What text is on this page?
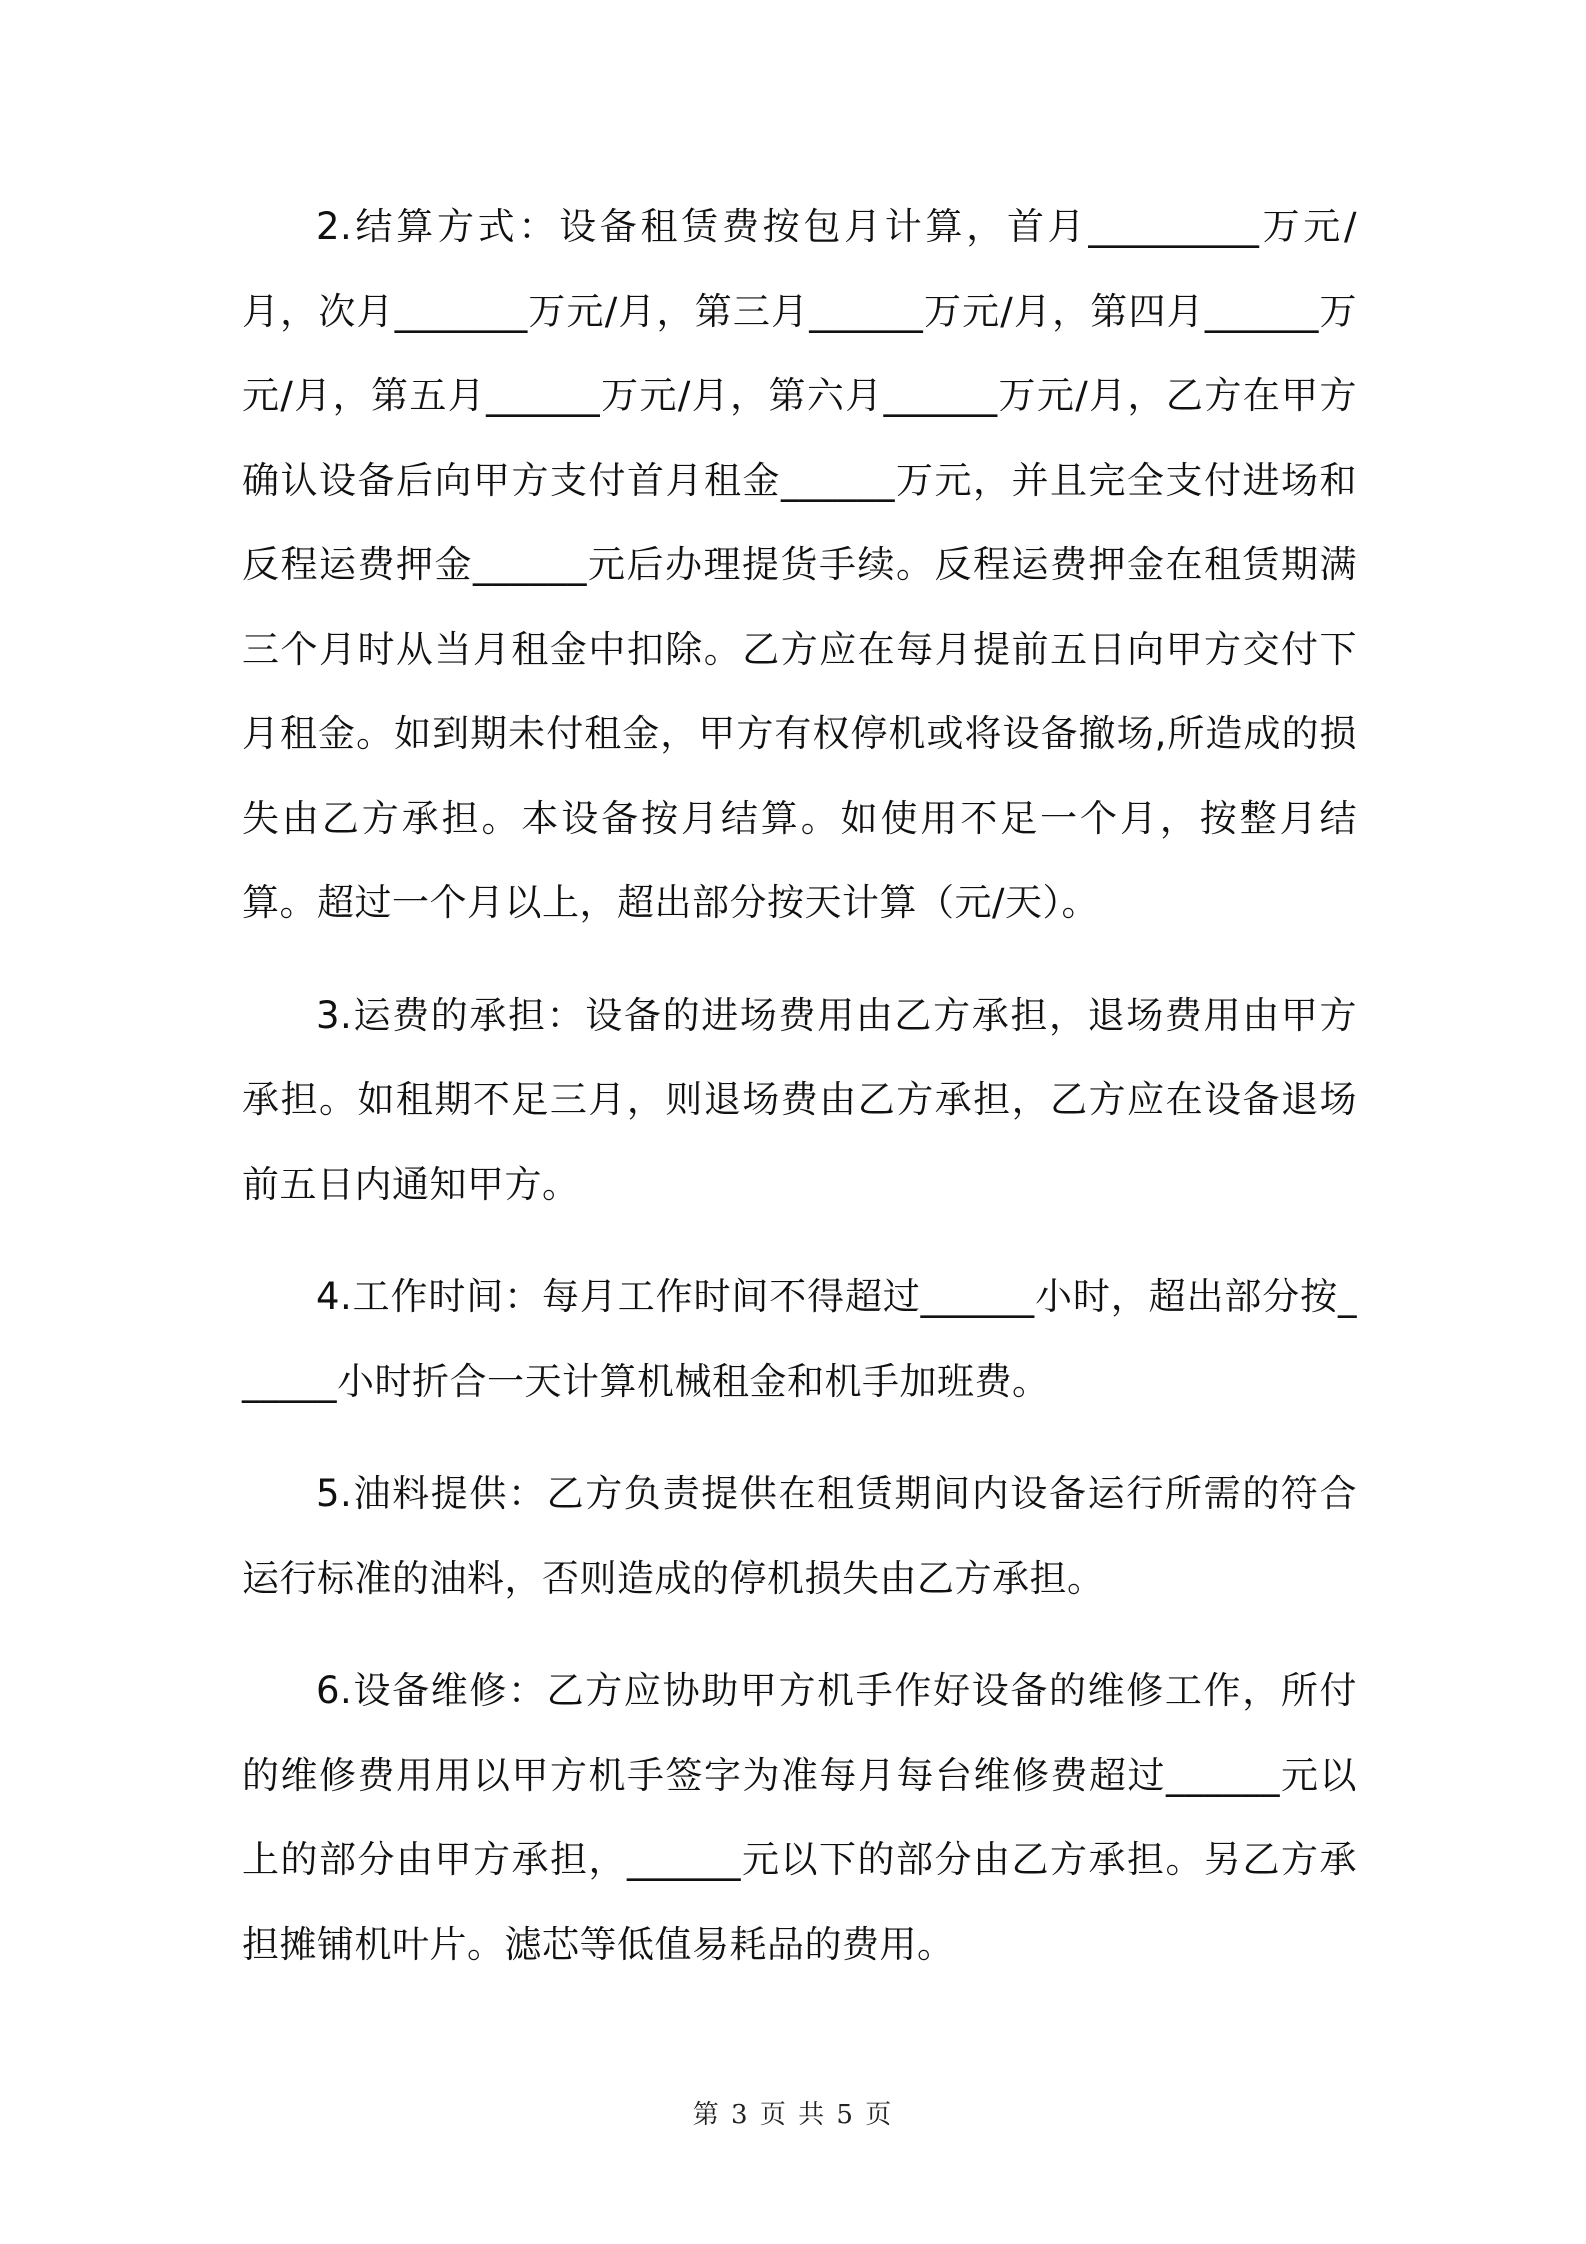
2.结算方式：设备租赁费按包月计算，首月_________万元/月，次月_______万元/月，第三月______万元/月，第四月______万元/月，第五月______万元/月，第六月______万元/月，乙方在甲方确认设备后向甲方支付首月租金______万元，并且完全支付进场和反程运费押金______元后办理提货手续。反程运费押金在租赁期满三个月时从当月租金中扣除。乙方应在每月提前五日向甲方交付下月租金。如到期未付租金，甲方有权停机或将设备撤场,所造成的损失由乙方承担。本设备按月结算。如使用不足一个月，按整月结算。超过一个月以上，超出部分按天计算（元/天）。

3.运费的承担：设备的进场费用由乙方承担，退场费用由甲方承担。如租期不足三月，则退场费由乙方承担，乙方应在设备退场前五日内通知甲方。

4.工作时间：每月工作时间不得超过______小时，超出部分按______小时折合一天计算机械租金和机手加班费。

5.油料提供：乙方负责提供在租赁期间内设备运行所需的符合运行标准的油料，否则造成的停机损失由乙方承担。

6.设备维修：乙方应协助甲方机手作好设备的维修工作，所付的维修费用用以甲方机手签字为准每月每台维修费超过______元以上的部分由甲方承担，______元以下的部分由乙方承担。另乙方承担摊铺机叶片。滤芯等低值易耗品的费用。

第 3 页 共 5 页
